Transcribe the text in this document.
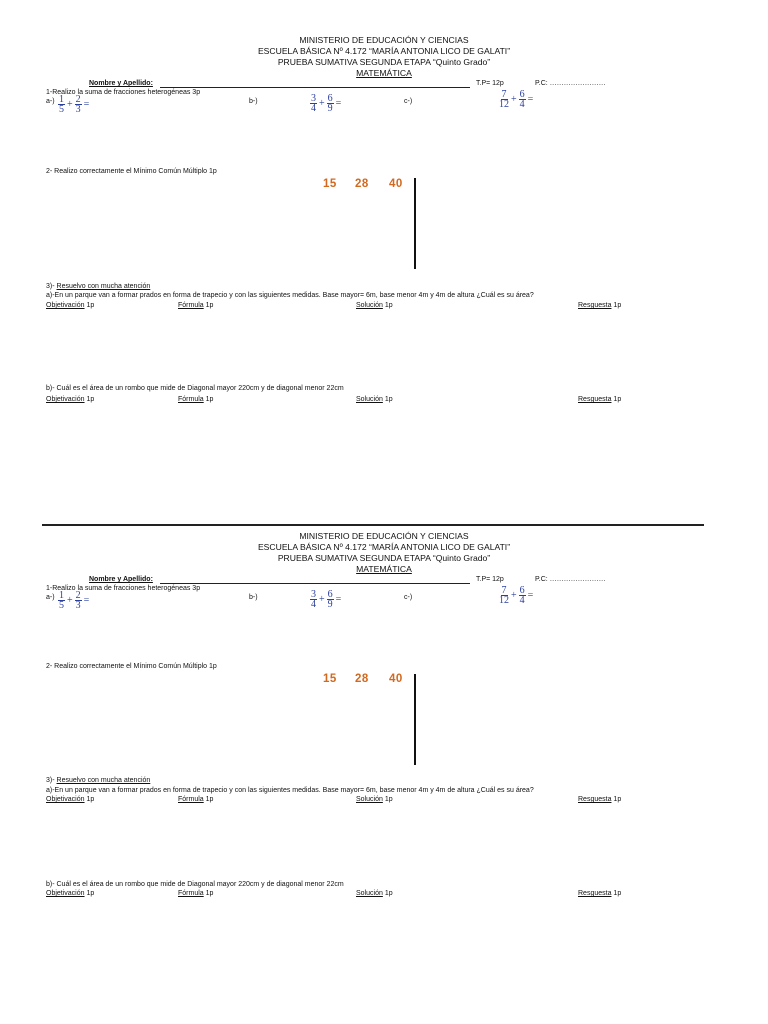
MINISTERIO DE EDUCACIÓN Y CIENCIAS
ESCUELA BÁSICA Nº 4.172 “MARÍA ANTONIA LICO DE GALATI”
PRUEBA SUMATIVA SEGUNDA ETAPA “Quinto Grado”
MATEMÁTICA
Nombre y Apellido:	T.P= 12p	P.C: ……………………
1-Realizo la suma de fracciones heterogéneas 3p
a-) 1
$5 + \frac{2}{3}$ =	b-)	3
$4 + \frac{6}{9}$ =	c-)
7
$12 + \frac{6}{4}$ =
2- Realizo correctamente el Mínimo Común Múltiplo 1p
15 28 40
3)- Resuelvo con mucha atención
a)-En un parque van a formar prados en forma de trapecio y con las siguientes medidas. Base mayor= 6m, base menor 4m y 4m de altura ¿Cuál es su área?
Objetivación 1p	Fórmula 1p	Solución 1p	Resguesta 1p
b)- Cuál es el área de un rombo que mide de Diagonal mayor 220cm y de diagonal menor 22cm
Objetivación 1p	Fórmula 1p	Solución 1p	Resguesta 1p
MINISTERIO DE EDUCACIÓN Y CIENCIAS
ESCUELA BÁSICA Nº 4.172 “MARÍA ANTONIA LICO DE GALATI”
PRUEBA SUMATIVA SEGUNDA ETAPA “Quinto Grado”
MATEMÁTICA
Nombre y Apellido:	T.P= 12p	P.C: ……………………
1-Realizo la suma de fracciones heterogéneas 3p
a-) 1
$5 + \frac{2}{3}$ =	b-)	3
$4 + \frac{6}{9}$ =	c-)
7
$12 + \frac{6}{4}$ =
2- Realizo correctamente el Mínimo Común Múltiplo 1p
15 28 40
3)- Resuelvo con mucha atención
a)-En un parque van a formar prados en forma de trapecio y con las siguientes medidas. Base mayor= 6m, base menor 4m y 4m de altura ¿Cuál es su área?
Objetivación 1p	Fórmula 1p	Solución 1p	Resguesta 1p
b)- Cuál es el área de un rombo que mide de Diagonal mayor 220cm y de diagonal menor 22cm
Objetivación 1p	Fórmula 1p	Solución 1p	Resguesta 1p
